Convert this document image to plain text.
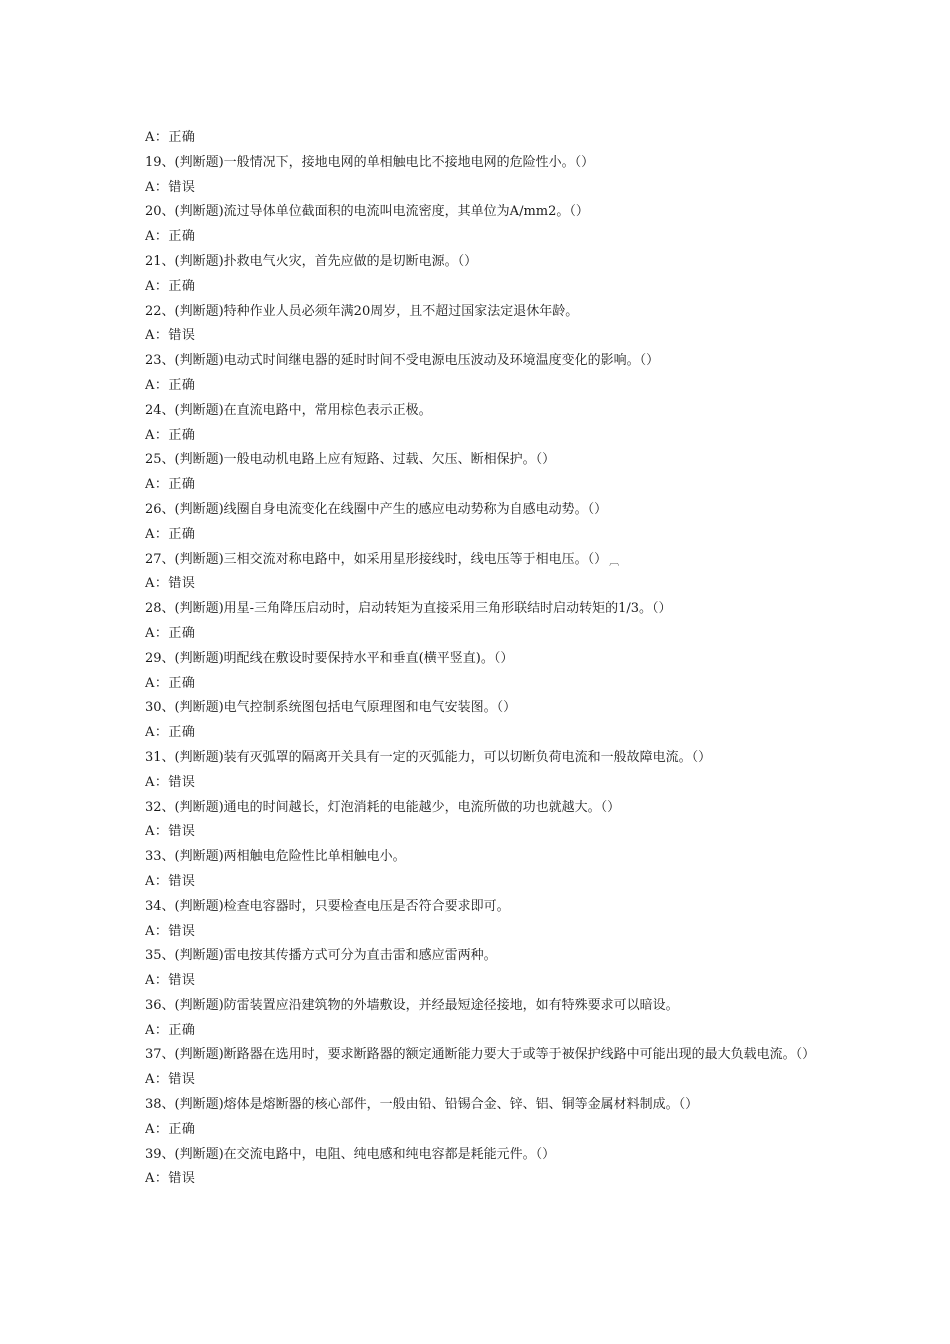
A：正确
19、(判断题)一般情况下，接地电网的单相触电比不接地电网的危险性小。（）
A：错误
20、(判断题)流过导体单位截面积的电流叫电流密度，其单位为A/mm2。（）
A：正确
21、(判断题)扑救电气火灾，首先应做的是切断电源。（）
A：正确
22、(判断题)特种作业人员必须年满20周岁，且不超过国家法定退休年龄。
A：错误
23、(判断题)电动式时间继电器的延时时间不受电源电压波动及环境温度变化的影响。（）
A：正确
24、(判断题)在直流电路中，常用棕色表示正极。
A：正确
25、(判断题)一般电动机电路上应有短路、过载、欠压、断相保护。（）
A：正确
26、(判断题)线圈自身电流变化在线圈中产生的感应电动势称为自感电动势。（）
A：正确
27、(判断题)三相交流对称电路中，如采用星形接线时，线电压等于相电压。（） ︹
A：错误
28、(判断题)用星-三角降压启动时，启动转矩为直接采用三角形联结时启动转矩的1/3。（）
A：正确
29、(判断题)明配线在敷设时要保持水平和垂直(横平竖直)。（）
A：正确
30、(判断题)电气控制系统图包括电气原理图和电气安装图。（）
A：正确
31、(判断题)装有灭弧罩的隔离开关具有一定的灭弧能力，可以切断负荷电流和一般故障电流。（）
A：错误
32、(判断题)通电的时间越长，灯泡消耗的电能越少，电流所做的功也就越大。（）
A：错误
33、(判断题)两相触电危险性比单相触电小。
A：错误
34、(判断题)检查电容器时，只要检查电压是否符合要求即可。
A：错误
35、(判断题)雷电按其传播方式可分为直击雷和感应雷两种。
A：错误
36、(判断题)防雷装置应沿建筑物的外墙敷设，并经最短途径接地，如有特殊要求可以暗设。
A：正确
37、(判断题)断路器在选用时，要求断路器的额定通断能力要大于或等于被保护线路中可能出现的最大负载电流。（）
A：错误
38、(判断题)熔体是熔断器的核心部件，一般由铅、铅锡合金、锌、铝、铜等金属材料制成。（）
A：正确
39、(判断题)在交流电路中，电阻、纯电感和纯电容都是耗能元件。（）
A：错误
